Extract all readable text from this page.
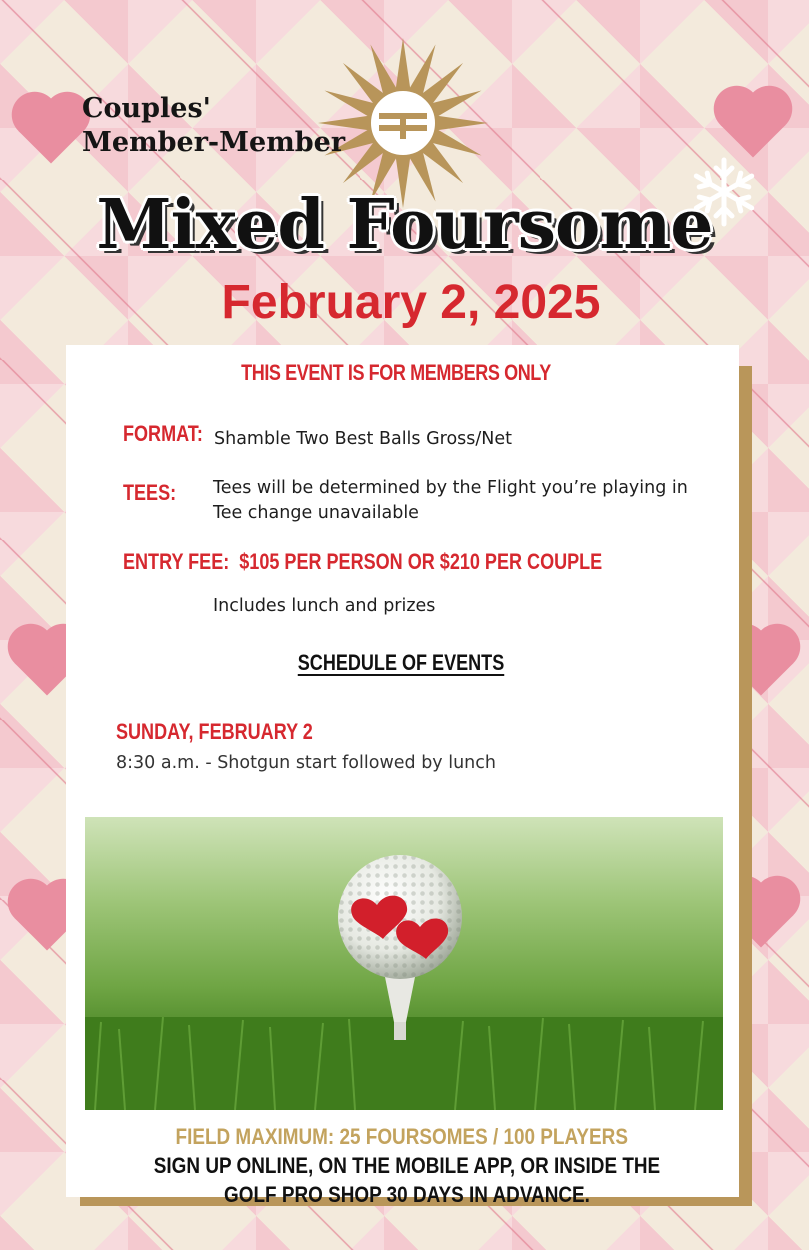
Couples'
Member-Member
Mixed Foursome
February 2, 2025
THIS EVENT IS FOR MEMBERS ONLY
FORMAT: Shamble Two Best Balls Gross/Net
TEES: Tees will be determined by the Flight you’re playing in
Tee change unavailable
ENTRY FEE:  $105 PER PERSON OR $210 PER COUPLE
Includes lunch and prizes
SCHEDULE OF EVENTS
SUNDAY, FEBRUARY 2
8:30 a.m. - Shotgun start followed by lunch
FIELD MAXIMUM: 25 FOURSOMES / 100 PLAYERS   SIGN UP ONLINE, ON THE MOBILE APP, OR INSIDE THE GOLF PRO SHOP 30 DAYS IN ADVANCE.
